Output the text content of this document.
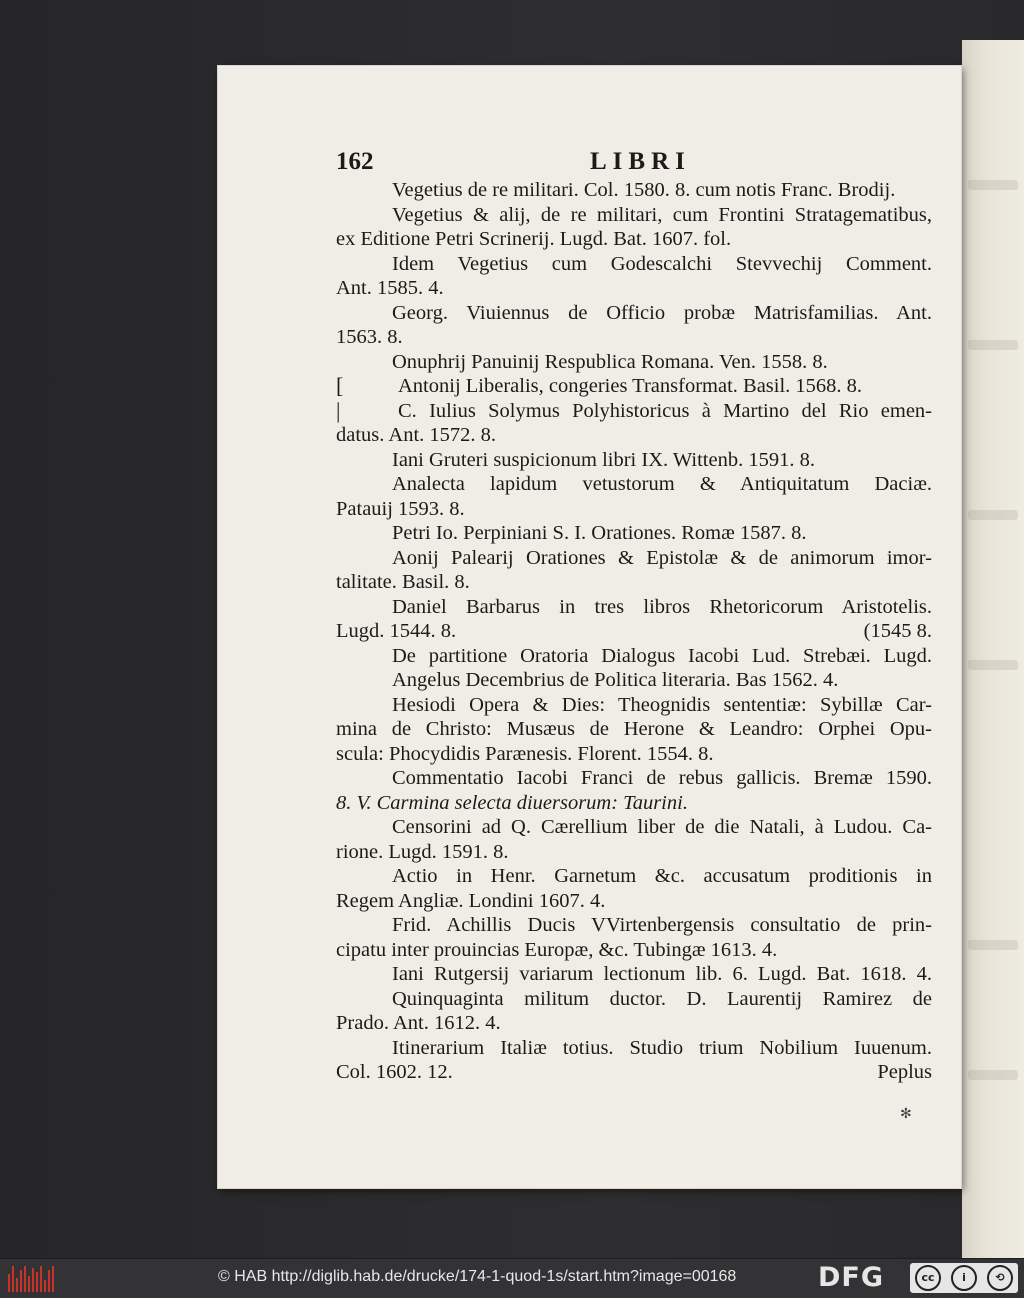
162	LIBRI
Vegetius de re militari. Col. 1580. 8. cum notis Franc. Brodij.
Vegetius & alij, de re militari, cum Frontini Stratagematibus,
ex Editione Petri Scrinerij. Lugd. Bat. 1607. fol.
Idem Vegetius cum Godescalchi Stevvechij Comment.
Ant. 1585. 4.
Georg. Viuiennus de Officio probæ Matrisfamilias. Ant.
1563. 8.
Onuphrij Panuinij Respublica Romana. Ven. 1558. 8.
[
|
Antonij Liberalis, congeries Transformat. Basil. 1568. 8.
C. Iulius Solymus Polyhistoricus à Martino del Rio emen-
datus. Ant. 1572. 8.
Iani Gruteri suspicionum libri IX. Wittenb. 1591. 8.
Analecta lapidum vetustorum & Antiquitatum Daciæ.
Patauij 1593. 8.
Petri Io. Perpiniani S. I. Orationes. Romæ 1587. 8.
Aonij Palearij Orationes & Epistolæ & de animorum imor-
talitate. Basil. 8.
Daniel Barbarus in tres libros Rhetoricorum Aristotelis.
Lugd. 1544. 8.	(1545 8.
De partitione Oratoria Dialogus Iacobi Lud. Strebæi. Lugd.
Angelus Decembrius de Politica literaria. Bas 1562. 4.
Hesiodi Opera & Dies: Theognidis sententiæ: Sybillæ Car-
mina de Christo: Musæus de Herone & Leandro: Orphei Opu-
scula: Phocydidis Parænesis. Florent. 1554. 8.
Commentatio Iacobi Franci de rebus gallicis. Bremæ 1590.
8. V. Carmina selecta diuersorum: Taurini.
Censorini ad Q. Cærellium liber de die Natali, à Ludou. Ca-
rione. Lugd. 1591. 8.
Actio in Henr. Garnetum &c. accusatum proditionis in
Regem Angliæ. Londini 1607. 4.
Frid. Achillis Ducis VVirtenbergensis consultatio de prin-
cipatu inter prouincias Europæ, &c. Tubingæ 1613. 4.
Iani Rutgersij variarum lectionum lib. 6. Lugd. Bat. 1618. 4.
Quinquaginta militum ductor. D. Laurentij Ramirez de
Prado. Ant. 1612. 4.
Itinerarium Italiæ totius. Studio trium Nobilium Iuuenum.
Col. 1602. 12.	Peplus
✻
© HAB http://diglib.hab.de/drucke/174-1-quod-1s/start.htm?image=00168	DFG	cc	i	⟲
